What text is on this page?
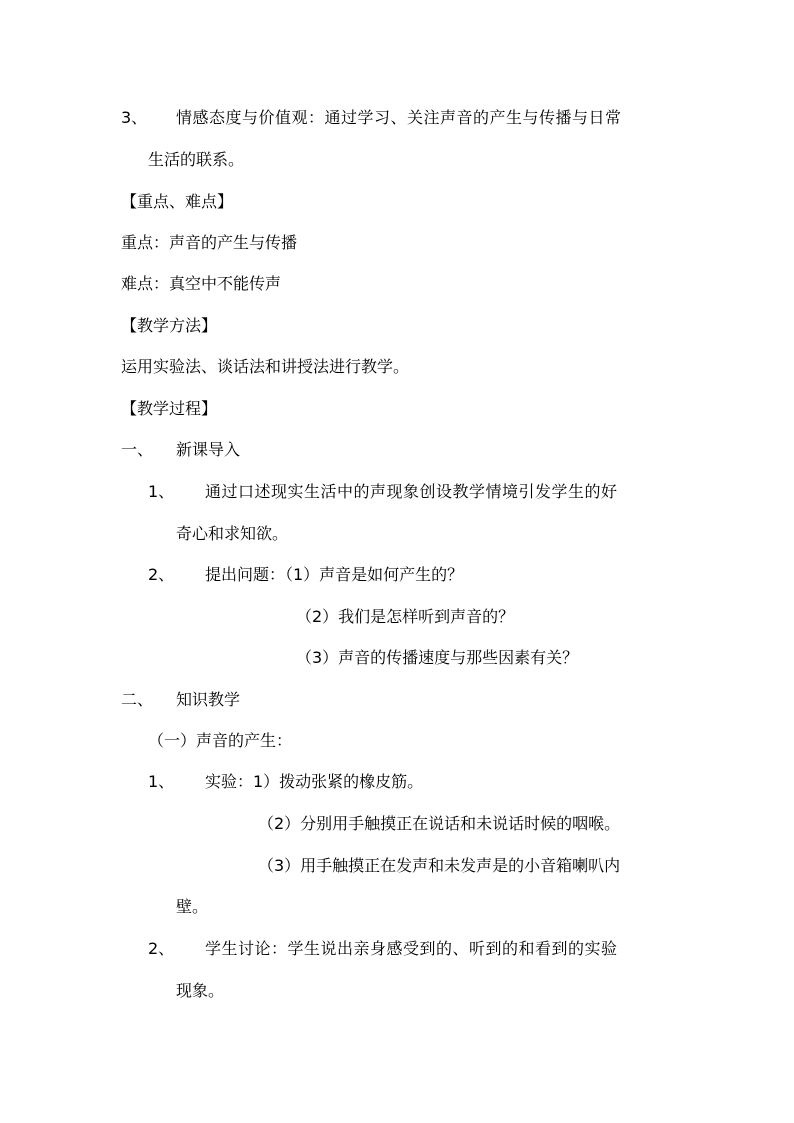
3、 情感态度与价值观：通过学习、关注声音的产生与传播与日常
生活的联系。
【重点、难点】
重点：声音的产生与传播
难点：真空中不能传声
【教学方法】
运用实验法、谈话法和讲授法进行教学。
【教学过程】
一、 新课导入
1、 通过口述现实生活中的声现象创设教学情境引发学生的好
奇心和求知欲。
2、 提出问题：（1）声音是如何产生的？
（2）我们是怎样听到声音的？
（3）声音的传播速度与那些因素有关？
二、 知识教学
（一）声音的产生：
1、 实验：1）拨动张紧的橡皮筋。
（2）分别用手触摸正在说话和未说话时候的咽喉。
（3）用手触摸正在发声和未发声是的小音箱喇叭内
壁。
2、 学生讨论：学生说出亲身感受到的、听到的和看到的实验
现象。
